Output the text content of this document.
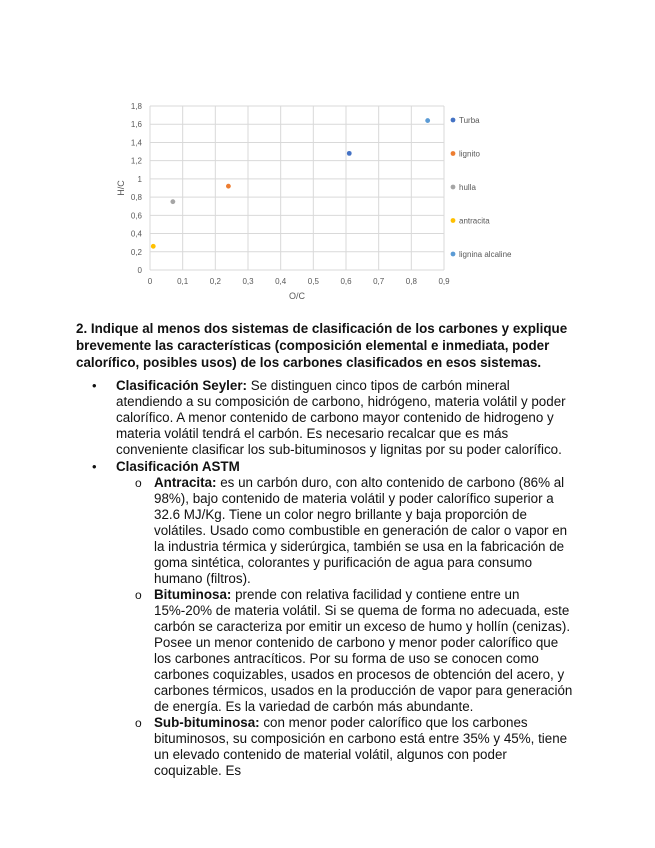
0
0,2
0,4
0,6
0,8
1
1,2
1,4
1,6
1,8
0	0,1	0,2	0,3	0,4	0,5	0,6	0,7	0,8	0,9
H/C
O/C
Turba
lignito
hulla
antracita
lignina alcaline

2. Indique al menos dos sistemas de clasificación de los carbones y explique brevemente las características (composición elemental e inmediata, poder calorífico, posibles usos) de los carbones clasificados en esos sistemas.

• Clasificación Seyler: Se distinguen cinco tipos de carbón mineral atendiendo a su composición de carbono, hidrógeno, materia volátil y poder calorífico. A menor contenido de carbono mayor contenido de hidrogeno y materia volátil tendrá el carbón. Es necesario recalcar que es más conveniente clasificar los sub-bituminosos y lignitas por su poder calorífico.
• Clasificación ASTM
o Antracita: es un carbón duro, con alto contenido de carbono (86% al 98%), bajo contenido de materia volátil y poder calorífico superior a 32.6 MJ/Kg. Tiene un color negro brillante y baja proporción de volátiles. Usado como combustible en generación de calor o vapor en la industria térmica y siderúrgica, también se usa en la fabricación de goma sintética, colorantes y purificación de agua para consumo humano (filtros).
o Bituminosa: prende con relativa facilidad y contiene entre un 15%-20% de materia volátil. Si se quema de forma no adecuada, este carbón se caracteriza por emitir un exceso de humo y hollín (cenizas). Posee un menor contenido de carbono y menor poder calorífico que los carbones antracíticos. Por su forma de uso se conocen como carbones coquizables, usados en procesos de obtención del acero, y carbones térmicos, usados en la producción de vapor para generación de energía. Es la variedad de carbón más abundante.
o Sub-bituminosa: con menor poder calorífico que los carbones bituminosos, su composición en carbono está entre 35% y 45%, tiene un elevado contenido de material volátil, algunos con poder coquizable. Es
